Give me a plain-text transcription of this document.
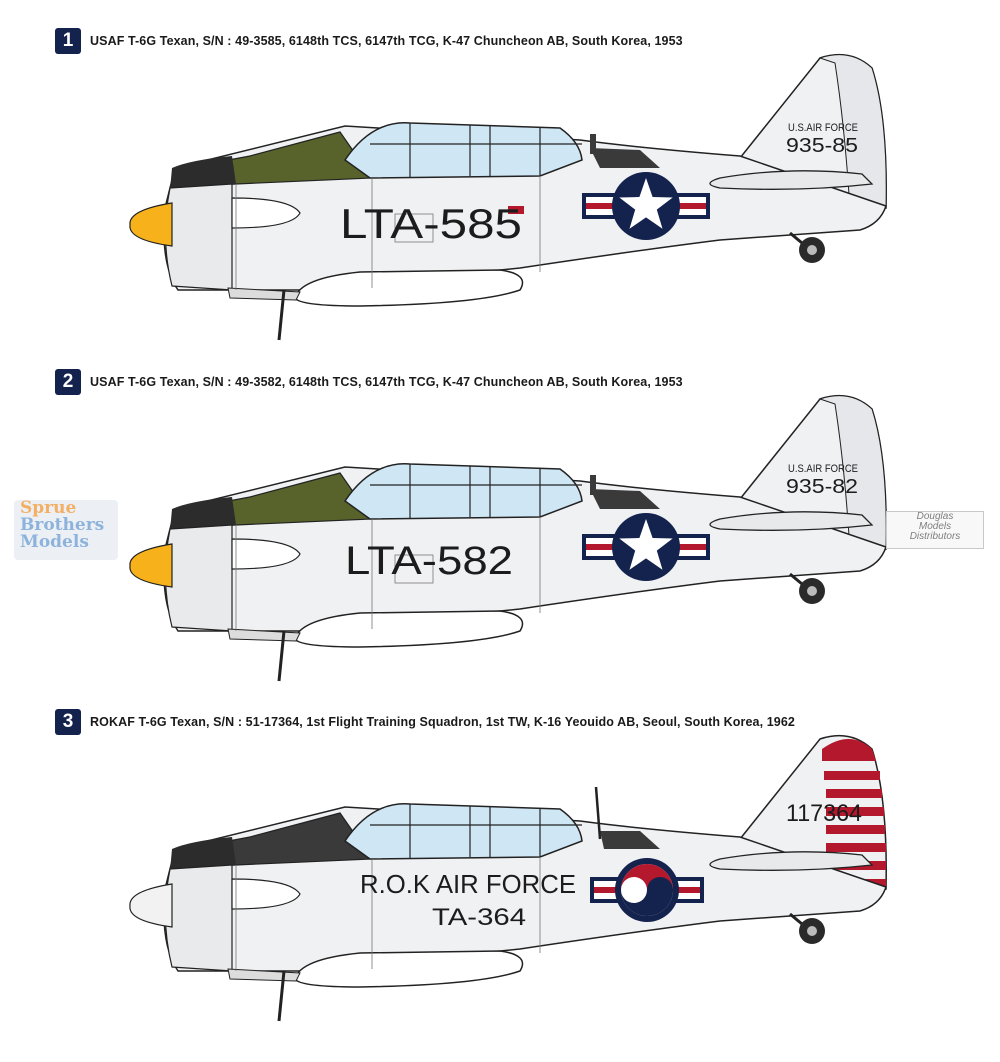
1	USAF T-6G Texan, S/N : 49-3585, 6148th TCS, 6147th TCG, K-47 Chuncheon AB, South Korea, 1953
LTA-585
U.S.AIR FORCE
935-85
2	USAF T-6G Texan, S/N : 49-3582, 6148th TCS, 6147th TCG, K-47 Chuncheon AB, South Korea, 1953
LTA-582
U.S.AIR FORCE
935-82
3	ROKAF T-6G Texan, S/N : 51-17364, 1st Flight Training Squadron, 1st TW, K-16 Yeouido AB, Seoul, South Korea, 1962
R.O.K AIR FORCE
TA-364
117364
Sprue
Brothers
Models
Douglas
Models
Distributors
